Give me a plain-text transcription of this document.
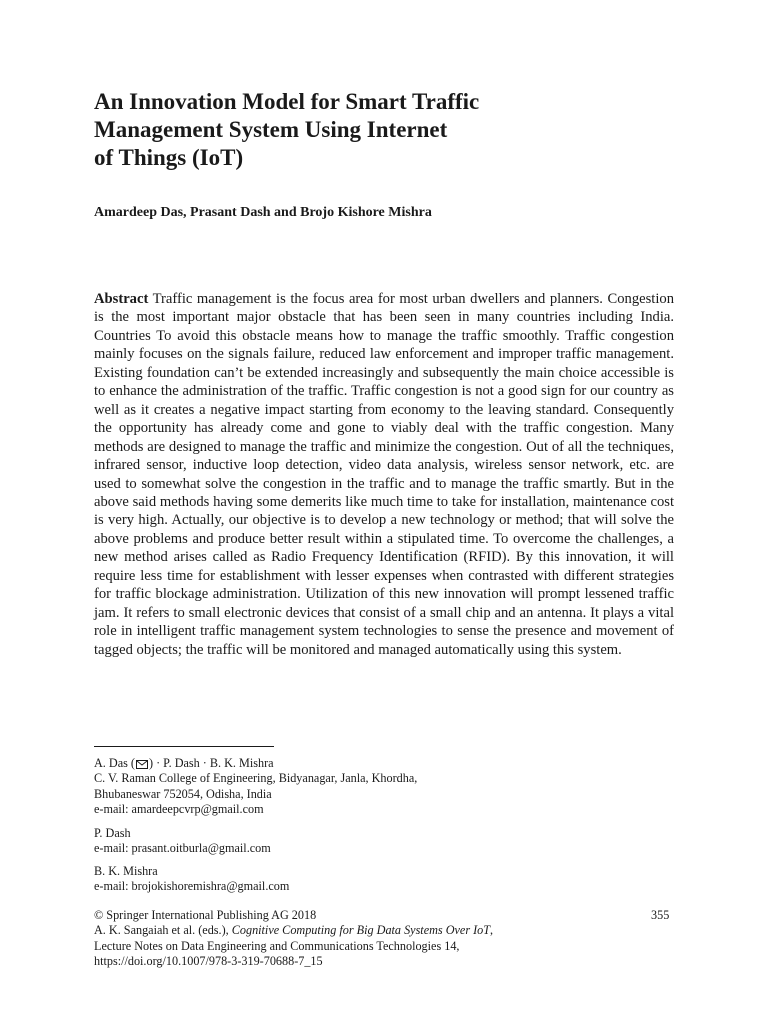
An Innovation Model for Smart Traffic
Management System Using Internet
of Things (IoT)
Amardeep Das, Prasant Dash and Brojo Kishore Mishra

Abstract Traffic management is the focus area for most urban dwellers and planners. Congestion is the most important major obstacle that has been seen in many countries including India. Countries To avoid this obstacle means how to manage the traffic smoothly. Traffic congestion mainly focuses on the signals failure, reduced law enforcement and improper traffic management. Existing foundation can’t be extended increasingly and subsequently the main choice accessible is to enhance the administration of the traffic. Traffic congestion is not a good sign for our country as well as it creates a negative impact starting from economy to the leaving standard. Consequently the opportunity has already come and gone to viably deal with the traffic congestion. Many methods are designed to manage the traffic and minimize the congestion. Out of all the techniques, infrared sensor, inductive loop detection, video data analysis, wireless sensor network, etc. are used to somewhat solve the congestion in the traffic and to manage the traffic smartly. But in the above said methods having some demerits like much time to take for installation, maintenance cost is very high. Actually, our objective is to develop a new technology or method; that will solve the above problems and produce better result within a stipulated time. To overcome the challenges, a new method arises called as Radio Frequency Identification (RFID). By this innovation, it will require less time for establishment with lesser expenses when contrasted with different strategies for traffic blockage administration. Utilization of this new innovation will prompt lessened traffic jam. It refers to small electronic devices that consist of a small chip and an antenna. It plays a vital role in intelligent traffic management system technologies to sense the presence and movement of tagged objects; the traffic will be monitored and managed automatically using this system.

A. Das ( ) · P. Dash · B. K. Mishra
C. V. Raman College of Engineering, Bidyanagar, Janla, Khordha,
Bhubaneswar 752054, Odisha, India
e-mail: amardeepcvrp@gmail.com
P. Dash
e-mail: prasant.oitburla@gmail.com
B. K. Mishra
e-mail: brojokishoremishra@gmail.com
© Springer International Publishing AG 2018
A. K. Sangaiah et al. (eds.), Cognitive Computing for Big Data Systems Over IoT,
Lecture Notes on Data Engineering and Communications Technologies 14,
https://doi.org/10.1007/978-3-319-70688-7_15
355
